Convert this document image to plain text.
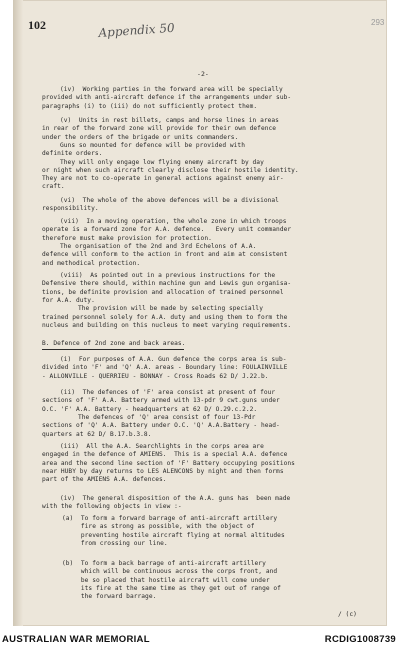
102	293
Appendix 50
-2-
(iv)  Working parties in the forward area will be specially
provided with anti-aircraft defence if the arrangements under sub-
paragraphs (i) to (iii) do not sufficiently protect them.
(v)  Units in rest billets, camps and horse lines in areas
in rear of the forward zone will provide for their own defence
under the orders of the brigade or units commanders.
Guns so mounted for defence will be provided with
definite orders.
They will only engage low flying enemy aircraft by day
or night when such aircraft clearly disclose their hostile identity.
They are not to co-operate in general actions against enemy air-
craft.
(vi)  The whole of the above defences will be a divisional
responsibility.
(vii)  In a moving operation, the whole zone in which troops
operate is a forward zone for A.A. defence.   Every unit commander
therefore must make provision for protection.
The organisation of the 2nd and 3rd Echelons of A.A.
defence will conform to the action in front and aim at consistent
and methodical protection.
(viii)  As pointed out in a previous instructions for the
Defensive there should, within machine gun and Lewis gun organisa-
tions, be definite provision and allocation of trained personnel
for A.A. duty.
The provision will be made by selecting specially
trained personnel solely for A.A. duty and using them to form the
nucleus and building on this nucleus to meet varying requirements.
B. Defence of 2nd zone and back areas.
(i)  For purposes of A.A. Gun defence the corps area is sub-
divided into 'F' and 'Q' A.A. areas - Boundary line: FOULAINVILLE
- ALLONVILLE - QUERRIEU - BONNAY - Cross Roads 62 D/ J.22.b.
(ii)  The defences of 'F' area consist at present of four
sections of 'F' A.A. Battery armed with 13-pdr 9 cwt.guns under
O.C. 'F' A.A. Battery - headquarters at 62 D/ O.29.c.2.2.
The defences of 'Q' area consist of four 13-Pdr
sections of 'Q' A.A. Battery under O.C. 'Q' A.A.Battery - head-
quarters at 62 D/ B.17.b.3.8.
(iii)  All the A.A. Searchlights in the corps area are
engaged in the defence of AMIENS.  This is a special A.A. defence
area and the second line section of 'F' Battery occupying positions
near HUBY by day returns to LES ALENCONS by night and then forms
part of the AMIENS A.A. defences.
(iv)  The general disposition of the A.A. guns has  been made
with the following objects in view :-
(a)  To form a forward barrage of anti-aircraft artillery
fire as strong as possible, with the object of
preventing hostile aircraft flying at normal altitudes
from crossing our line.
(b)  To form a back barrage of anti-aircraft artillery
which will be continuous across the corps front, and
be so placed that hostile aircraft will come under
its fire at the same time as they get out of range of
the forward barrage.
/ (c)
AUSTRALIAN WAR MEMORIAL	RCDIG1008739
